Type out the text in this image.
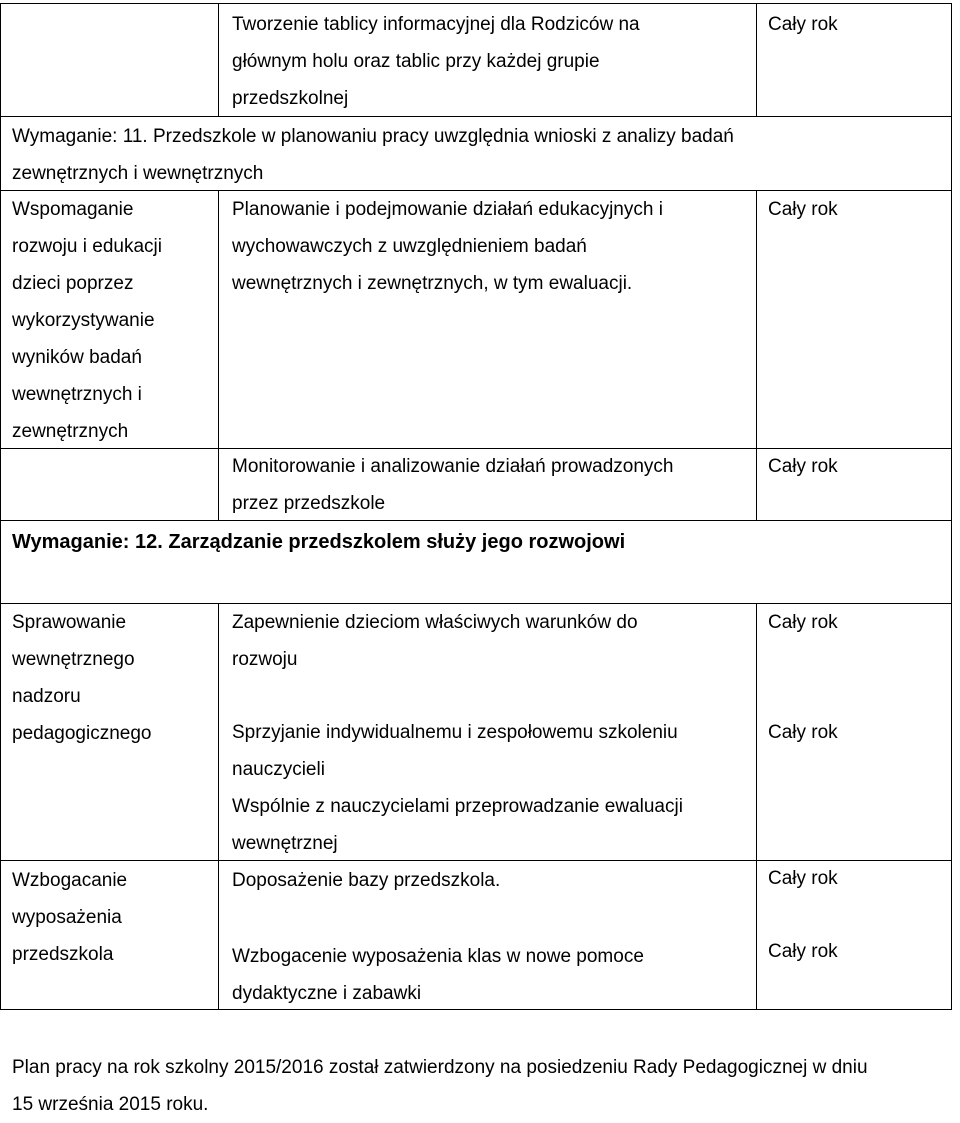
Tworzenie tablicy informacyjnej dla Rodziców na
głównym holu oraz tablic przy każdej grupie
przedszkolnej
Cały rok
Wymaganie: 11. Przedszkole w planowaniu pracy uwzględnia wnioski z analizy badań
zewnętrznych i wewnętrznych
Wspomaganie
rozwoju i edukacji
dzieci poprzez
wykorzystywanie
wyników badań
wewnętrznych i
zewnętrznych
Planowanie i podejmowanie działań edukacyjnych i
wychowawczych z uwzględnieniem badań
wewnętrznych i zewnętrznych, w tym ewaluacji.
Cały rok
Monitorowanie i analizowanie działań prowadzonych
przez przedszkole
Cały rok
Wymaganie: 12. Zarządzanie przedszkolem służy jego rozwojowi
Sprawowanie
wewnętrznego
nadzoru
pedagogicznego
Zapewnienie dzieciom właściwych warunków do
rozwoju
Cały rok
Sprzyjanie indywidualnemu i zespołowemu szkoleniu
nauczycieli
Cały rok
Wspólnie z nauczycielami przeprowadzanie ewaluacji
wewnętrznej
Wzbogacanie
wyposażenia
przedszkola
Doposażenie bazy przedszkola.	Cały rok
Wzbogacenie wyposażenia klas w nowe pomoce
dydaktyczne i zabawki
Cały rok
Plan pracy na rok szkolny 2015/2016 został zatwierdzony na posiedzeniu Rady Pedagogicznej w dniu
15 września 2015 roku.
